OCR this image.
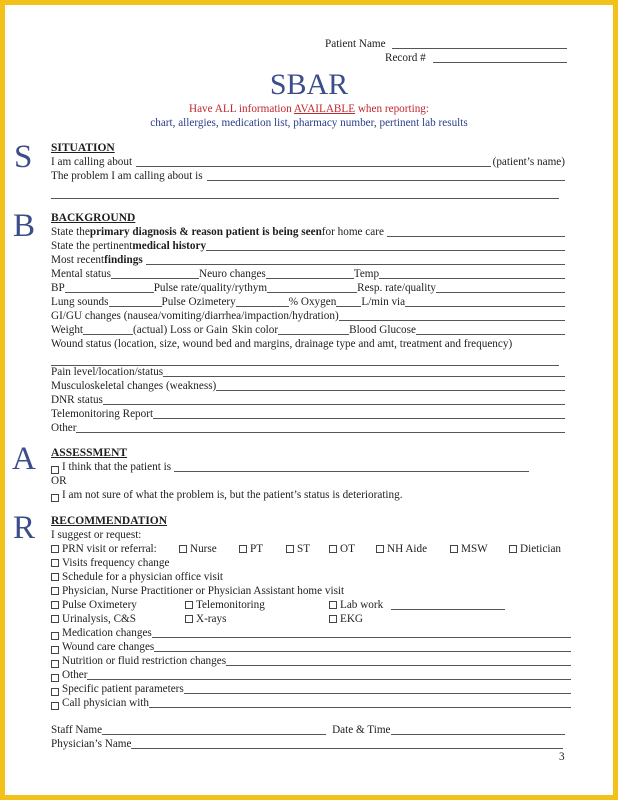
Patient Name
Record #
SBAR
Have ALL information AVAILABLE when reporting:
chart, allergies, medication list, pharmacy number, pertinent lab results
S SITUATION
I am calling about	(patient’s name)
The problem I am calling about is
B BACKGROUND
State the primary diagnosis & reason patient is being seen for home care
State the pertinent medical history
Most recent findings
Mental status	Neuro changes	Temp
BP	Pulse rate/quality/rythym	Resp. rate/quality
Lung sounds	Pulse Ozimetery	% Oxygen L/min via
GI/GU changes (nausea/vomiting/diarrhea/impaction/hydration)
Weight	(actual) Loss or Gain Skin color	Blood Glucose
Wound status (location, size, wound bed and margins, drainage type and amt, treatment and frequency)
Pain level/location/status
Musculoskeletal changes (weakness)
DNR status
Telemonitoring Report
Other
A ASSESSMENT
I think that the patient is
OR
I am not sure of what the problem is, but the patient’s status is deteriorating.
R RECOMMENDATION
I suggest or request:
PRN visit or referral:	Nurse	PT	ST	OT	NH Aide	MSW	Dietician
Visits frequency change
Schedule for a physician office visit
Physician, Nurse Practitioner or Physician Assistant home visit
Pulse Oximetery	Telemonitoring	Lab work
Urinalysis, C&S	X-rays	EKG
Medication changes
Wound care changes
Nutrition or fluid restriction changes
Other
Specific patient parameters
Call physician with
Staff Name	Date & Time
Physician’s Name
3
